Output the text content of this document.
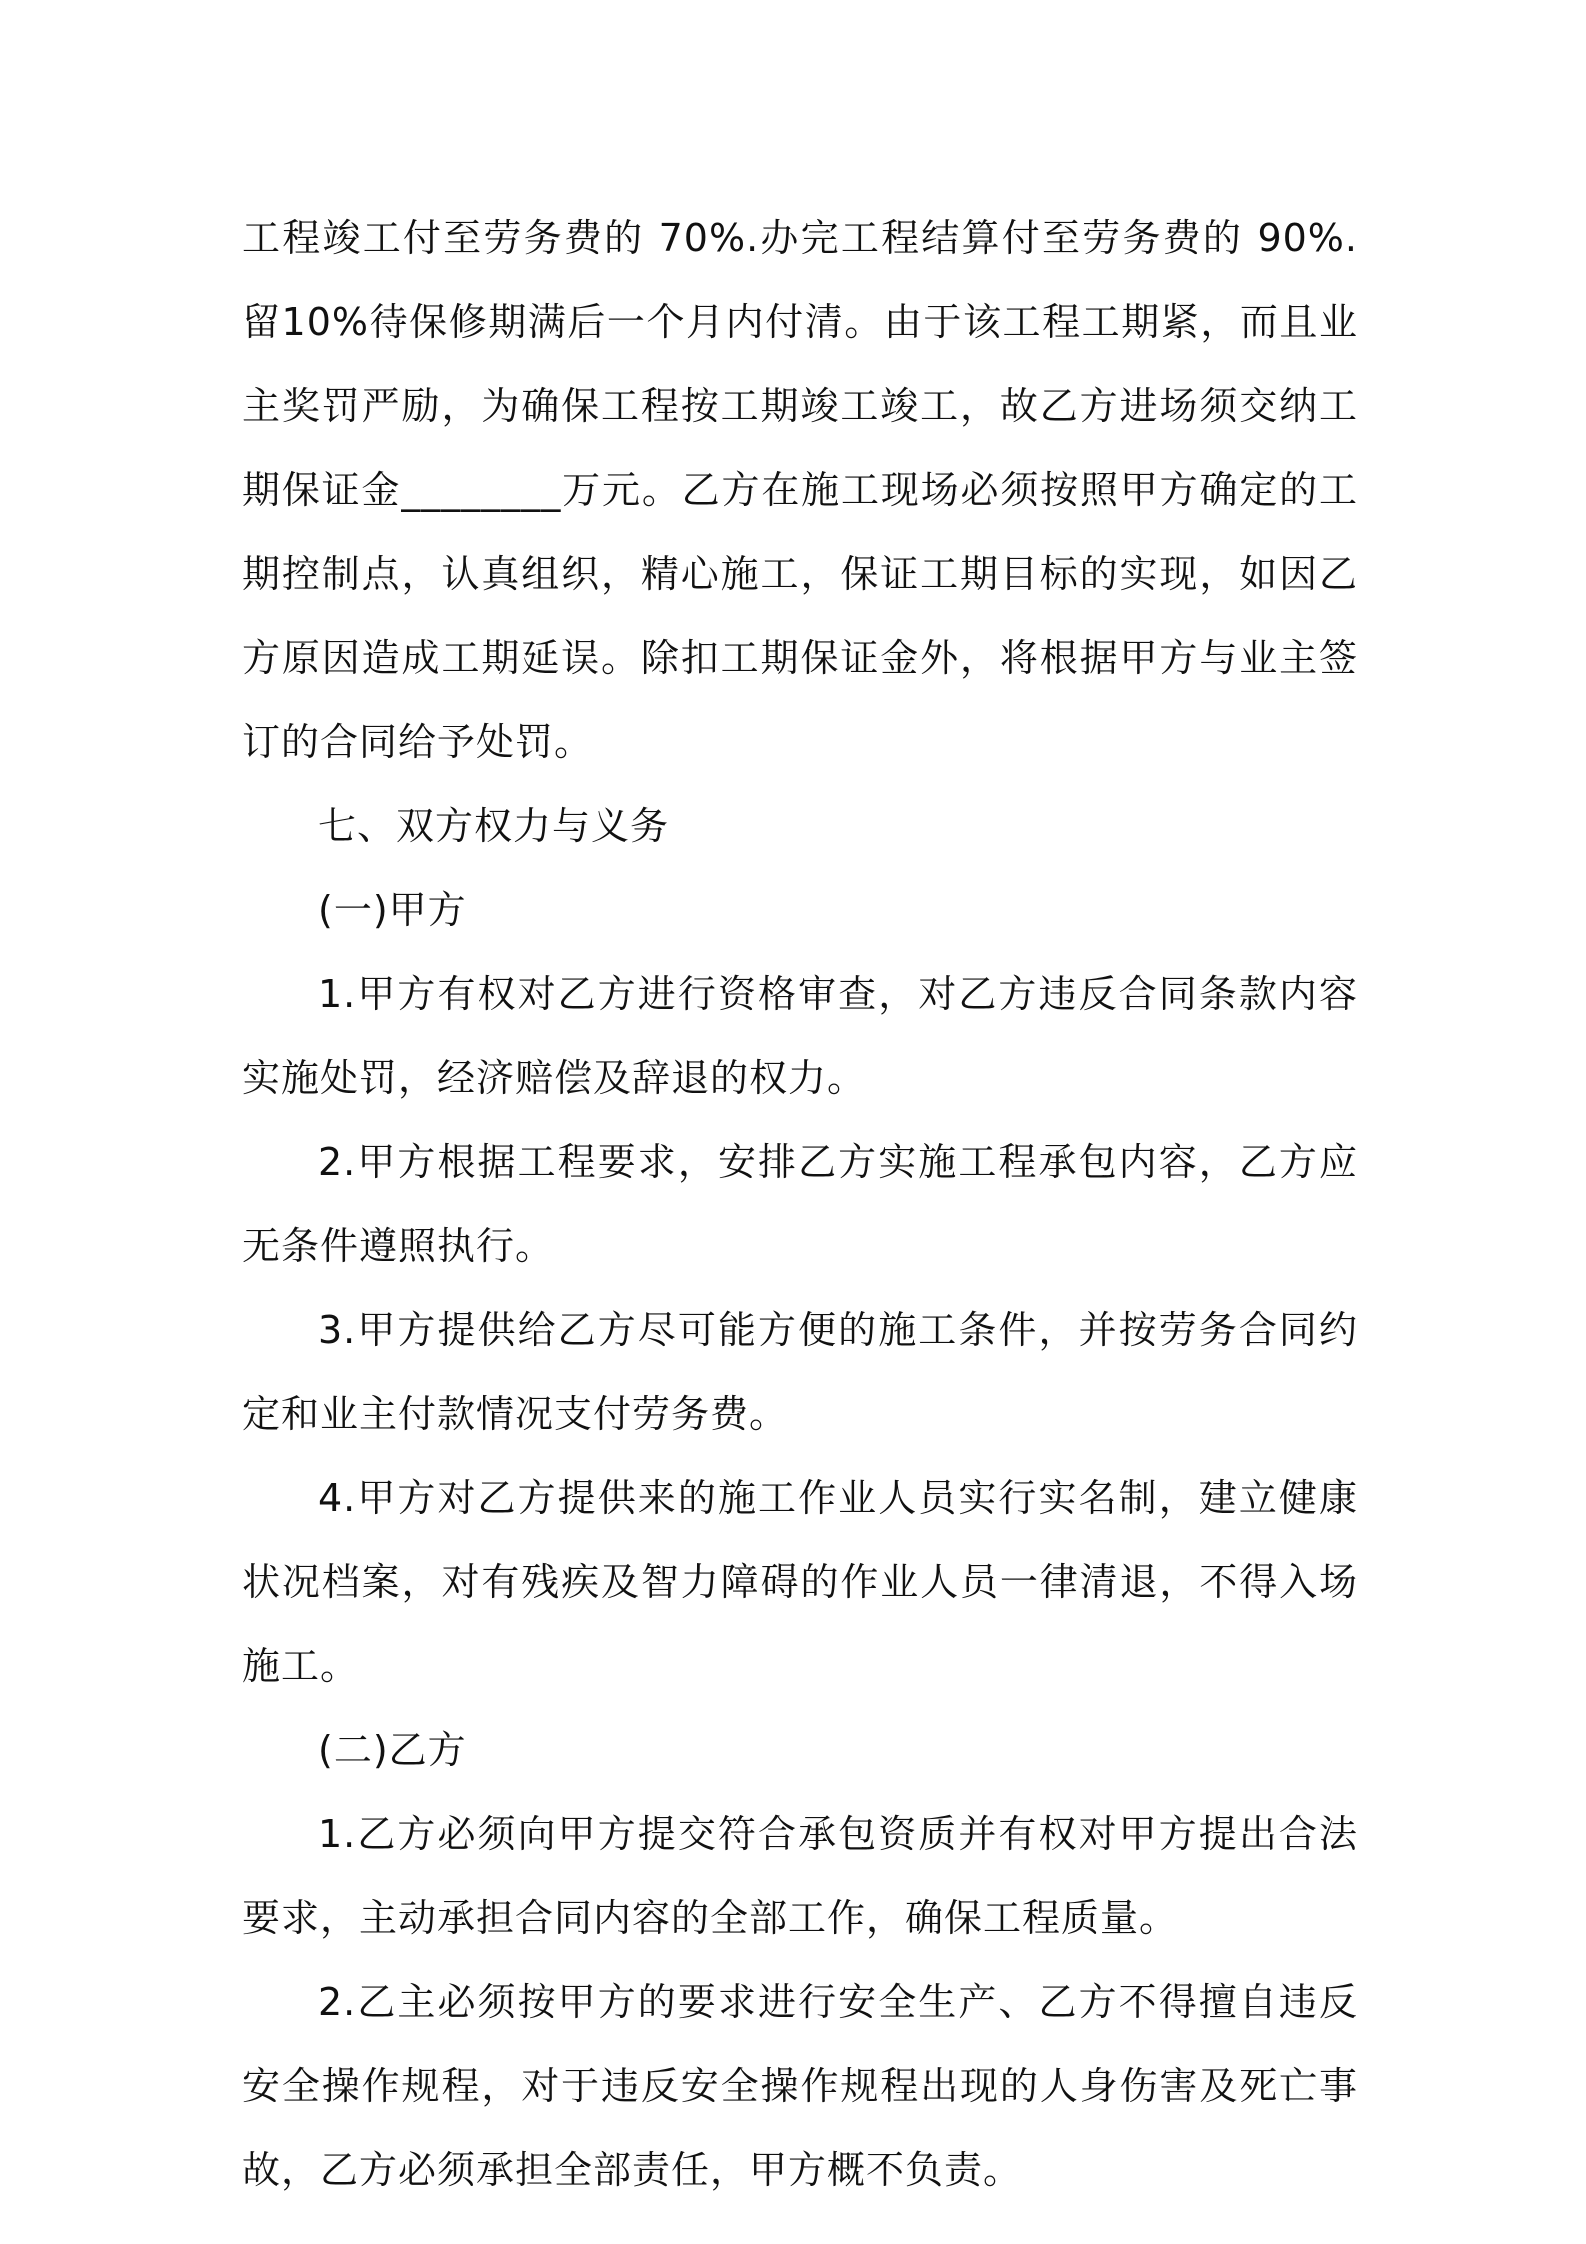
工程竣工付至劳务费的 70%.办完工程结算付至劳务费的 90%.留10%待保修期满后一个月内付清。由于该工程工期紧，而且业主奖罚严励，为确保工程按工期竣工竣工，故乙方进场须交纳工期保证金________万元。乙方在施工现场必须按照甲方确定的工期控制点，认真组织，精心施工，保证工期目标的实现，如因乙方原因造成工期延误。除扣工期保证金外，将根据甲方与业主签订的合同给予处罚。

七、双方权力与义务

(一)甲方

1.甲方有权对乙方进行资格审查，对乙方违反合同条款内容实施处罚，经济赔偿及辞退的权力。

2.甲方根据工程要求，安排乙方实施工程承包内容，乙方应无条件遵照执行。

3.甲方提供给乙方尽可能方便的施工条件，并按劳务合同约定和业主付款情况支付劳务费。

4.甲方对乙方提供来的施工作业人员实行实名制，建立健康状况档案，对有残疾及智力障碍的作业人员一律清退，不得入场施工。

(二)乙方

1.乙方必须向甲方提交符合承包资质并有权对甲方提出合法要求，主动承担合同内容的全部工作，确保工程质量。

2.乙主必须按甲方的要求进行安全生产、乙方不得擅自违反安全操作规程，对于违反安全操作规程出现的人身伤害及死亡事故，乙方必须承担全部责任，甲方概不负责。
